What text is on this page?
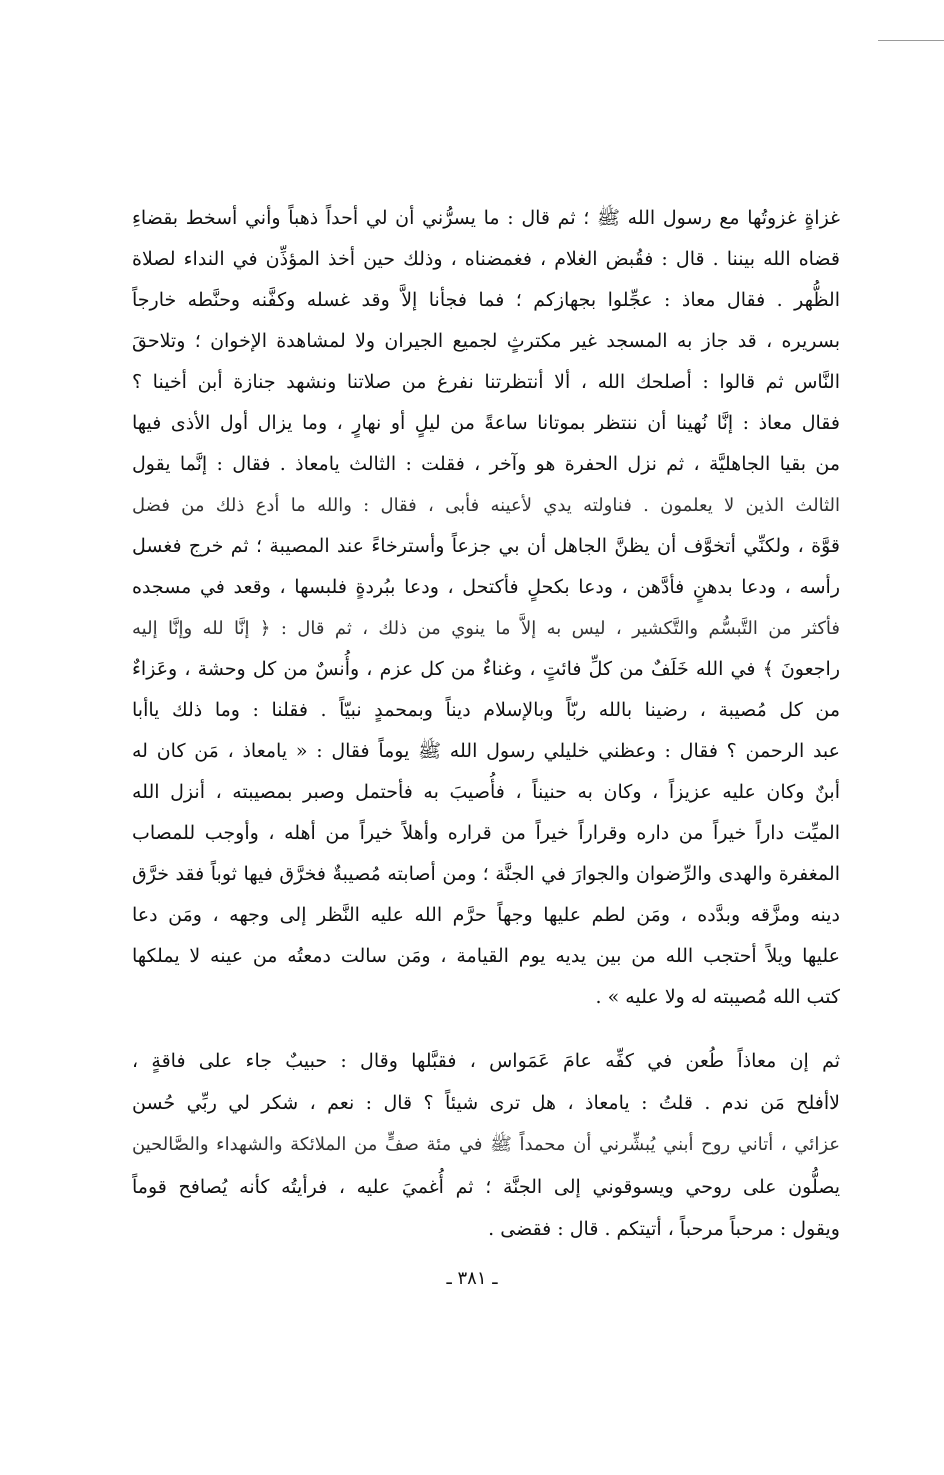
غزاةٍ غزوتُها مع رسول الله ﷺ ؛ ثم قال : ما يسرُّني أن لي أحداً ذهباً وأني أسخط بقضاءِ
قضاه الله بيننا . قال : فقُبض الغلام ، فغمضناه ، وذلك حين أخذ المؤذِّن في النداء لصلاة
الظُّهر . فقال معاذ : عجِّلوا بجهازكم ؛ فما فجأنا إلاَّ وقد غسله وكفَّنه وحنَّطه خارجاً
بسريره ، قد جاز به المسجد غير مكترثٍ لجميع الجيران ولا لمشاهدة الإخوان ؛ وتلاحقَ
النَّاس ثم قالوا : أصلحك الله ، ألا أنتظرتنا نفرغ من صلاتنا ونشهد جنازة أبن أخينا ؟
فقال معاذ : إنَّا نُهينا أن ننتظر بموتانا ساعةً من ليلٍ أو نهارٍ ، وما يزال أول الأذى فيها
من بقيا الجاهليَّة ، ثم نزل الحفرة هو وآخر ، فقلت : الثالث يامعاذ . فقال : إنَّما يقول
الثالث الذين لا يعلمون . فناولته يدي لأعينه فأبى ، فقال : والله ما أدع ذلك من فضل
قوَّة ، ولكنِّي أتخوَّف أن يظنَّ الجاهل أن بي جزعاً وأسترخاءً عند المصيبة ؛ ثم خرج فغسل
رأسه ، ودعا بدهنٍ فأدَّهن ، ودعا بكحلٍ فأكتحل ، ودعا ببُردةٍ فلبسها ، وقعد في مسجده
فأكثر من التَّبسُّم والتَّكشير ، ليس به إلاَّ ما ينوي من ذلك ، ثم قال : ﴿ إنَّا لله وإنَّا إليه
راجعونَ ﴾ في الله خَلَفٌ من كلِّ فائتٍ ، وغناءٌ من كل عزم ، وأُنسٌ من كل وحشة ، وعَزاءٌ
من كل مُصيبة ، رضينا بالله ربّاً وبالإسلام ديناً وبمحمدٍ نبيّاً . فقلنا : وما ذلك ياأبا
عبد الرحمن ؟ فقال : وعظني خليلي رسول الله ﷺ يوماً فقال : « يامعاذ ، مَن كان له
أبنٌ وكان عليه عزيزاً ، وكان به حنيناً ، فأُصيبَ به فأحتمل وصبر بمصيبته ، أنزل الله
الميِّت داراً خيراً من داره وقراراً خيراً من قراره وأهلاً خيراً من أهله ، وأوجب للمصاب
المغفرة والهدى والرِّضوان والجوارَ في الجنَّة ؛ ومن أصابته مُصيبةٌ فخرَّق فيها ثوباً فقد خرَّق
دينه ومزَّقه وبدَّده ، ومَن لطم عليها وجهاً حرَّم الله عليه النَّظر إلى وجهه ، ومَن دعا
عليها ويلاً أحتجب الله من بين يديه يوم القيامة ، ومَن سالت دمعتُه من عينه لا يملكها
كتب الله مُصيبته له ولا عليه » .
ثم إن معاذاً طُعن في كفِّه عامَ عَمَواس ، فقبَّلها وقال : حبيبٌ جاء على فاقةٍ ،
لاأفلح مَن ندم . قلتُ : يامعاذ ، هل ترى شيئاً ؟ قال : نعم ، شكر لي ربِّي حُسن
عزائي ، أتاني روح أبني يُبشِّرني أن محمداً ﷺ في مئة صفٍّ من الملائكة والشهداء والصَّالحين
يصلُّون على روحي ويسوقوني إلى الجنَّة ؛ ثم أُغميَ عليه ، فرأيتُه كأنه يُصافح قوماً
ويقول : مرحباً مرحباً ، أتيتكم . قال : فقضى .
ـ ٣٨١ ـ
